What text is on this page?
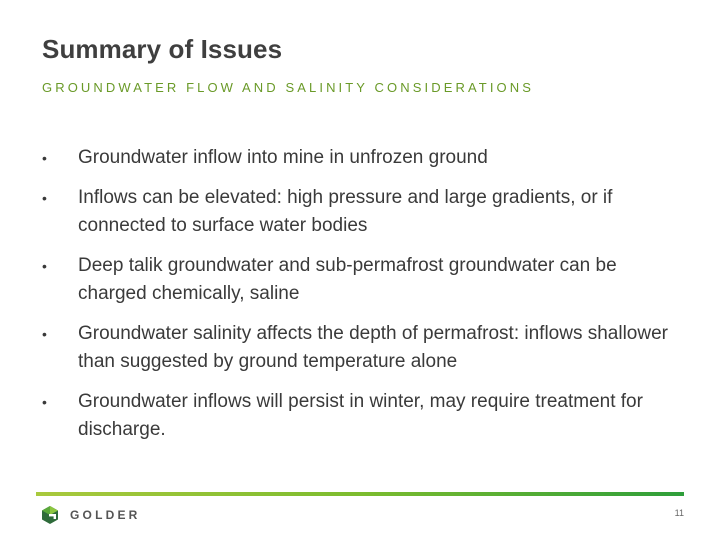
Summary of Issues
GROUNDWATER FLOW AND SALINITY CONSIDERATIONS
•	Groundwater inflow into mine in unfrozen ground
•	Inflows can be elevated: high pressure and large gradients, or if connected to surface water bodies
•	Deep talik groundwater and sub-permafrost groundwater can be charged chemically, saline
•	Groundwater salinity affects the depth of permafrost: inflows shallower than suggested by ground temperature alone
•	Groundwater inflows will persist in winter, may require treatment for discharge.
GOLDER	11
